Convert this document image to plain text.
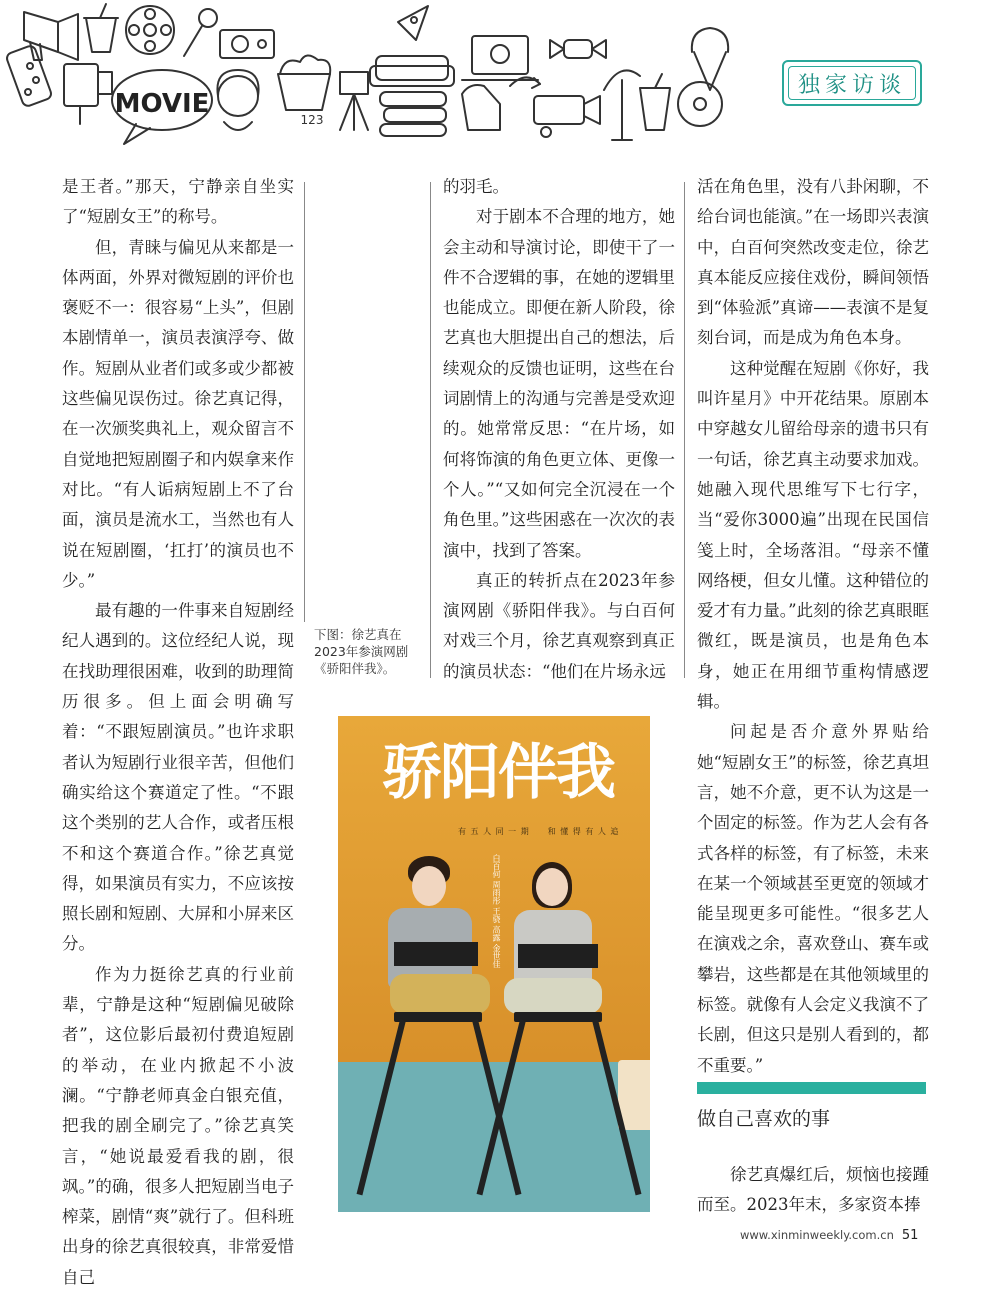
MOVIE
123
独家访谈

是王者。”那天，宁静亲自坐实了“短剧女王”的称号。

但，青睐与偏见从来都是一体两面，外界对微短剧的评价也褒贬不一：很容易“上头”，但剧本剧情单一，演员表演浮夸、做作。短剧从业者们或多或少都被这些偏见误伤过。徐艺真记得，在一次颁奖典礼上，观众留言不自觉地把短剧圈子和内娱拿来作对比。“有人诟病短剧上不了台面，演员是流水工，当然也有人说在短剧圈，‘扛打’的演员也不少。”

最有趣的一件事来自短剧经纪人遇到的。这位经纪人说，现在找助理很困难，收到的助理简历很多。但上面会明确写着：“不跟短剧演员。”也许求职者认为短剧行业很辛苦，但他们确实给这个赛道定了性。“不跟这个类别的艺人合作，或者压根不和这个赛道合作。”徐艺真觉得，如果演员有实力，不应该按照长剧和短剧、大屏和小屏来区分。

作为力挺徐艺真的行业前辈，宁静是这种“短剧偏见破除者”，这位影后最初付费追短剧的举动，在业内掀起不小波澜。“宁静老师真金白银充值，把我的剧全刷完了。”徐艺真笑言，“她说最爱看我的剧，很飒。”的确，很多人把短剧当电子榨菜，剧情“爽”就行了。但科班出身的徐艺真很较真，非常爱惜自己

下图：徐艺真在2023年参演网剧《骄阳伴我》。

的羽毛。

对于剧本不合理的地方，她会主动和导演讨论，即使干了一件不合逻辑的事，在她的逻辑里也能成立。即便在新人阶段，徐艺真也大胆提出自己的想法，后续观众的反馈也证明，这些在台词剧情上的沟通与完善是受欢迎的。她常常反思：“在片场，如何将饰演的角色更立体、更像一个人。”“又如何完全沉浸在一个角色里。”这些困惑在一次次的表演中，找到了答案。

真正的转折点在2023年参演网剧《骄阳伴我》。与白百何对戏三个月，徐艺真观察到真正的演员状态：“他们在片场永远

骄阳伴我
有 五 人 同 一 期　　和 懂 得 有 人 追
白百何 周雨彤 王骁 高露 金世佳

活在角色里，没有八卦闲聊，不给台词也能演。”在一场即兴表演中，白百何突然改变走位，徐艺真本能反应接住戏份，瞬间领悟到“体验派”真谛——表演不是复刻台词，而是成为角色本身。

这种觉醒在短剧《你好，我叫许星月》中开花结果。原剧本中穿越女儿留给母亲的遗书只有一句话，徐艺真主动要求加戏。她融入现代思维写下七行字，当“爱你3000遍”出现在民国信笺上时，全场落泪。“母亲不懂网络梗，但女儿懂。这种错位的爱才有力量。”此刻的徐艺真眼眶微红，既是演员，也是角色本身，她正在用细节重构情感逻辑。

问起是否介意外界贴给她“短剧女王”的标签，徐艺真坦言，她不介意，更不认为这是一个固定的标签。作为艺人会有各式各样的标签，有了标签，未来在某一个领域甚至更宽的领域才能呈现更多可能性。“很多艺人在演戏之余，喜欢登山、赛车或攀岩，这些都是在其他领域里的标签。就像有人会定义我演不了长剧，但这只是别人看到的，都不重要。”

做自己喜欢的事

徐艺真爆红后，烦恼也接踵而至。2023年末，多家资本捧

www.xinminweekly.com.cn 51
